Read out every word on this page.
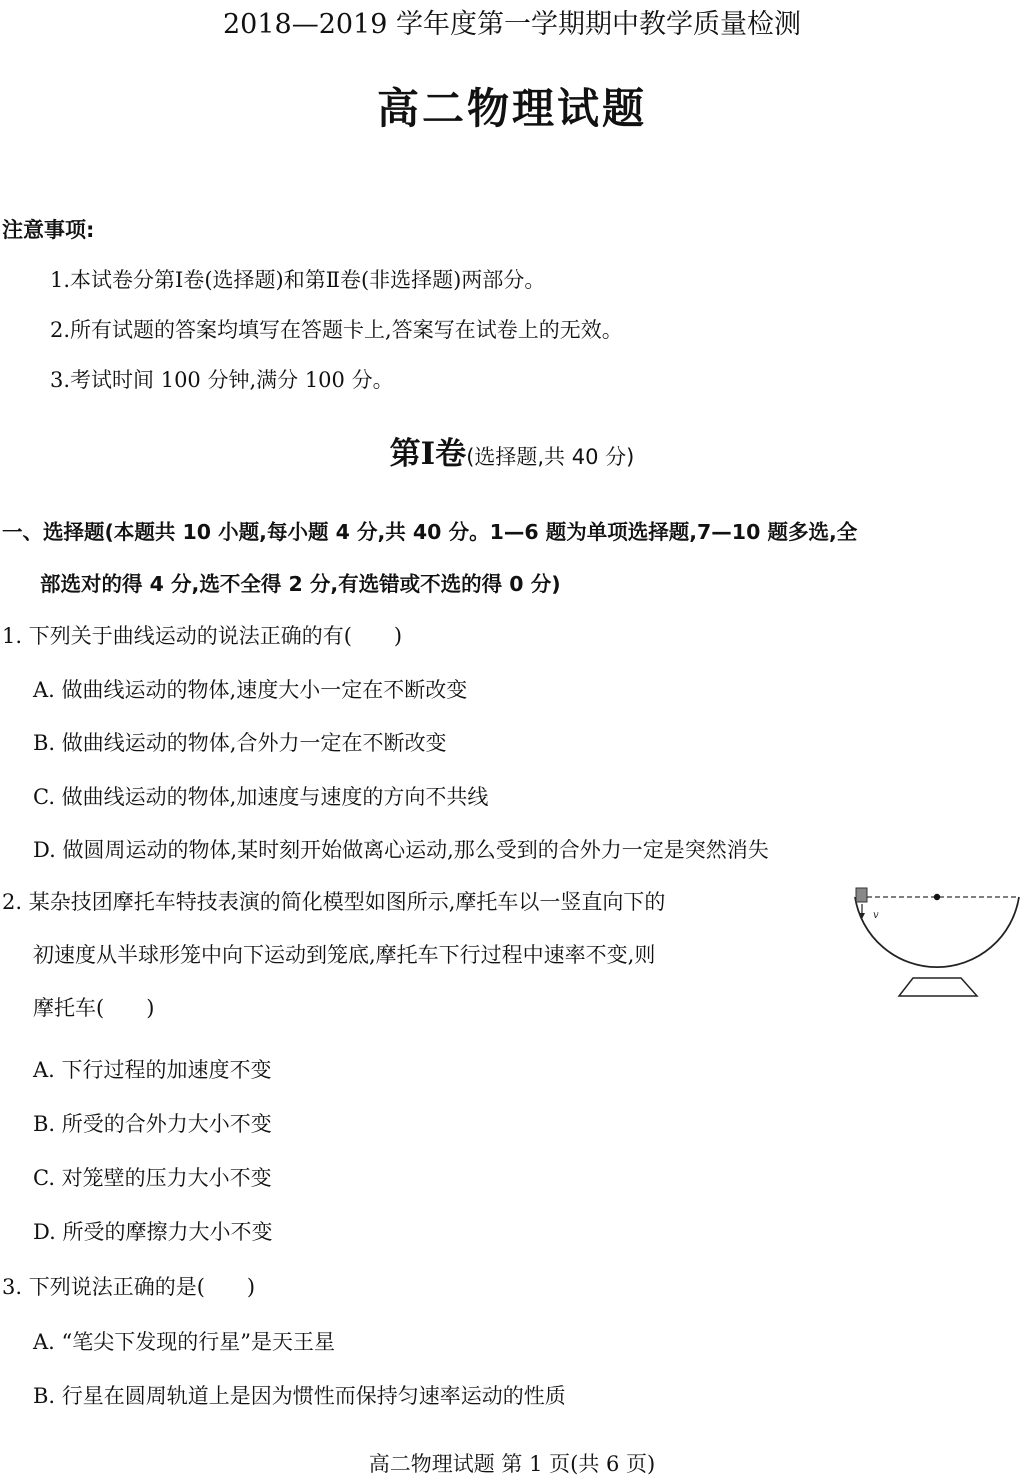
2018—2019 学年度第一学期期中教学质量检测
高二物理试题
注意事项:
1.本试卷分第Ⅰ卷(选择题)和第Ⅱ卷(非选择题)两部分。
2.所有试题的答案均填写在答题卡上,答案写在试卷上的无效。
3.考试时间 100 分钟,满分 100 分。
第Ⅰ卷(选择题,共 40 分)
一、选择题(本题共 10 小题,每小题 4 分,共 40 分。1—6 题为单项选择题,7—10 题多选,全
部选对的得 4 分,选不全得 2 分,有选错或不选的得 0 分)
1. 下列关于曲线运动的说法正确的有(　　)
A. 做曲线运动的物体,速度大小一定在不断改变
B. 做曲线运动的物体,合外力一定在不断改变
C. 做曲线运动的物体,加速度与速度的方向不共线
D. 做圆周运动的物体,某时刻开始做离心运动,那么受到的合外力一定是突然消失
2. 某杂技团摩托车特技表演的简化模型如图所示,摩托车以一竖直向下的
初速度从半球形笼中向下运动到笼底,摩托车下行过程中速率不变,则
摩托车(　　)
v
A. 下行过程的加速度不变
B. 所受的合外力大小不变
C. 对笼壁的压力大小不变
D. 所受的摩擦力大小不变
3. 下列说法正确的是(　　)
A. “笔尖下发现的行星”是天王星
B. 行星在圆周轨道上是因为惯性而保持匀速率运动的性质
高二物理试题 第 1 页(共 6 页)
